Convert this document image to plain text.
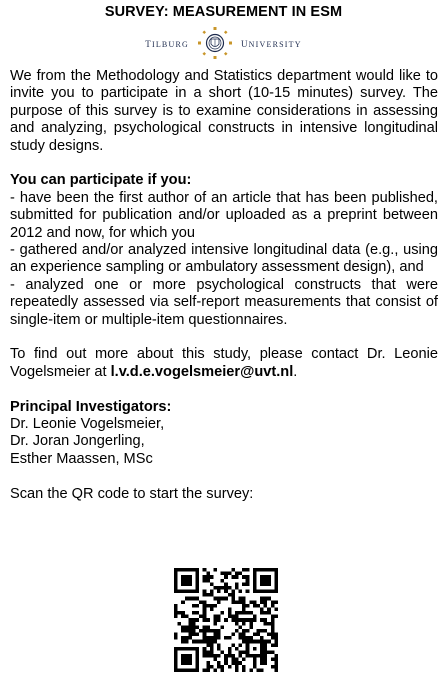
SURVEY: MEASUREMENT IN ESM
tilburg	university

We from the Methodology and Statistics department would like to invite you to participate in a short (10-15 minutes) survey. The purpose of this survey is to examine considerations in assessing and analyzing, psychological constructs in intensive longitudinal study designs.

You can participate if you:

- have been the first author of an article that has been published, submitted for publication and/or uploaded as a preprint between 2012 and now, for which you

- gathered and/or analyzed intensive longitudinal data (e.g., using an experience sampling or ambulatory assessment design), and

- analyzed one or more psychological constructs that were repeatedly assessed via self-report measurements that consist of single-item or multiple-item questionnaires.

To find out more about this study, please contact Dr. Leonie Vogelsmeier at l.v.d.e.vogelsmeier@uvt.nl.

Principal Investigators:

Dr. Leonie Vogelsmeier,

Dr. Joran Jongerling,

Esther Maassen, MSc

Scan the QR code to start the survey:
